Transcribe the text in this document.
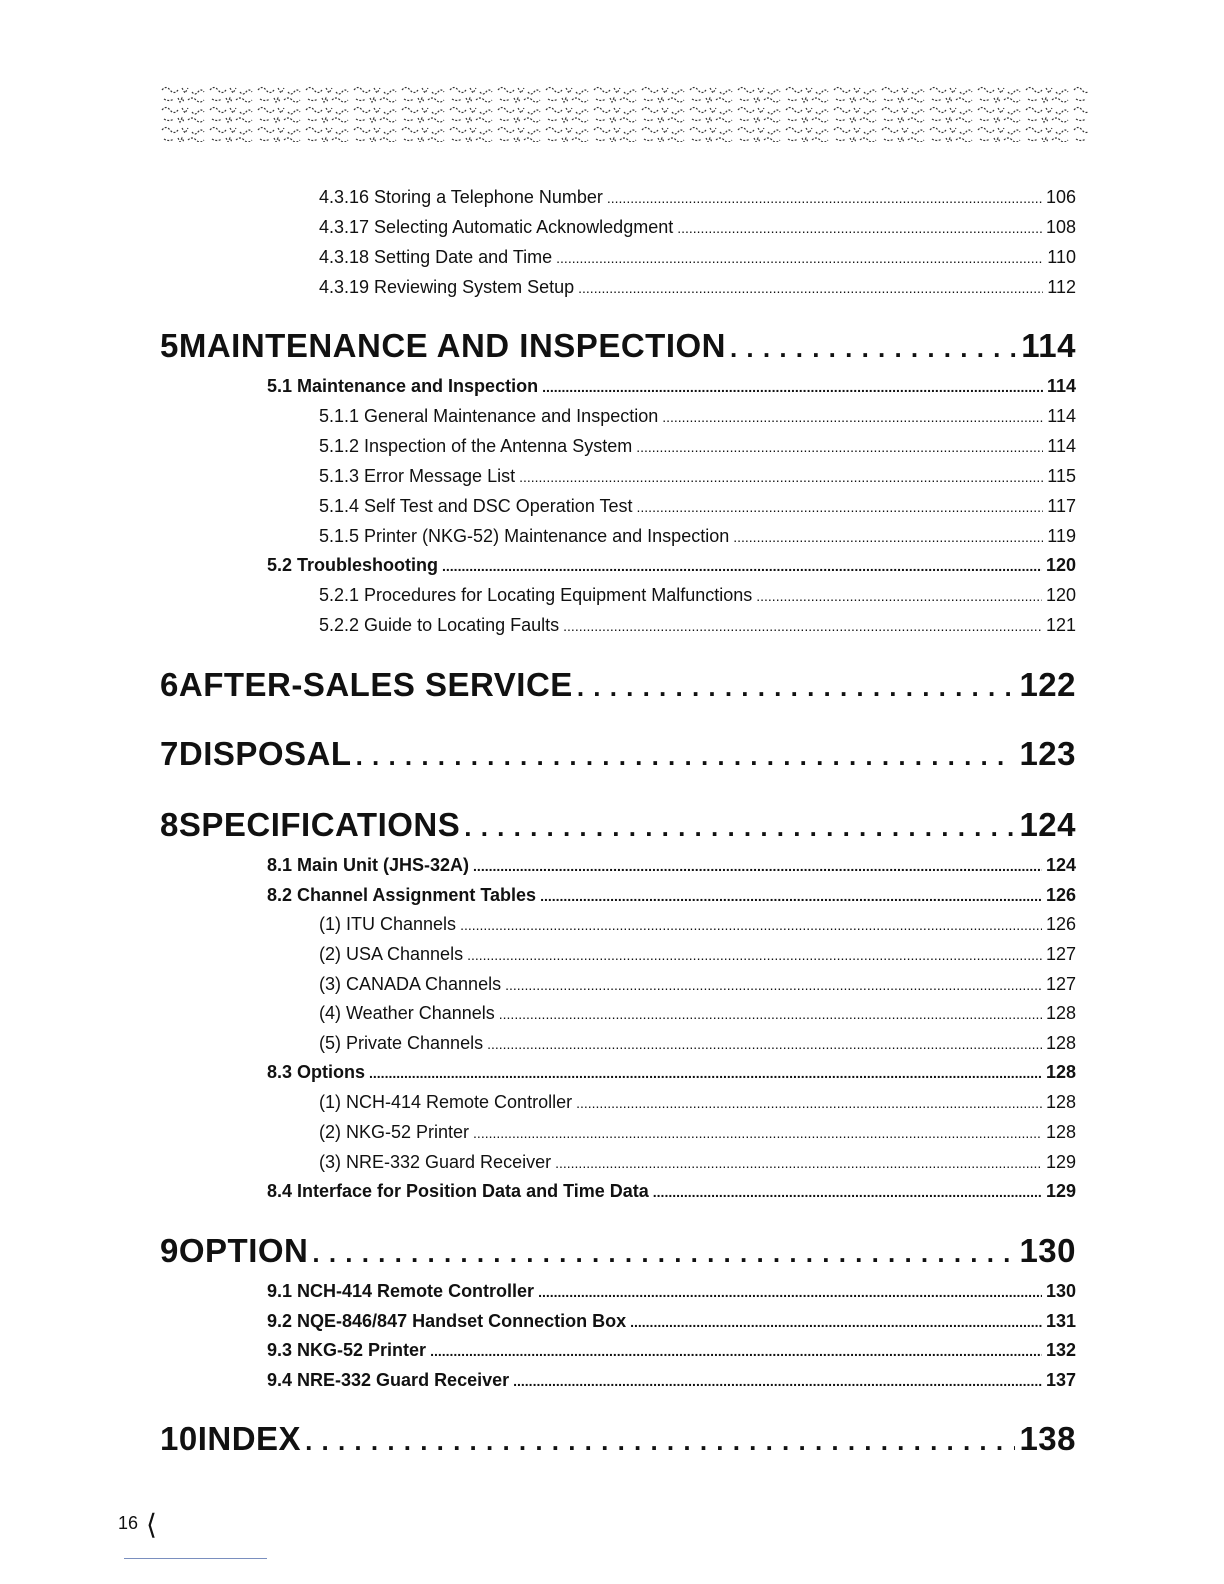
4.3.16 Storing a Telephone Number .....	106
4.3.17 Selecting Automatic Acknowledgment .....	108
4.3.18 Setting Date and Time .....	110
4.3.19 Reviewing System Setup .....	112
5 MAINTENANCE AND INSPECTION . . .	114
5.1 Maintenance and Inspection .....	114
5.1.1 General Maintenance and Inspection .....	114
5.1.2 Inspection of the Antenna System .....	114
5.1.3 Error Message List .....	115
5.1.4 Self Test and DSC Operation Test .....	117
5.1.5 Printer (NKG-52) Maintenance and Inspection .....	119
5.2 Troubleshooting .....	120
5.2.1 Procedures for Locating Equipment Malfunctions .....	120
5.2.2 Guide to Locating Faults .....	121
6 AFTER-SALES SERVICE . . .	122
7 DISPOSAL . . .	123
8 SPECIFICATIONS . . .	124
8.1 Main Unit (JHS-32A) .....	124
8.2 Channel Assignment Tables .....	126
(1) ITU Channels .....	126
(2) USA Channels .....	127
(3) CANADA Channels .....	127
(4) Weather Channels .....	128
(5) Private Channels .....	128
8.3 Options .....	128
(1) NCH-414 Remote Controller .....	128
(2) NKG-52 Printer .....	128
(3) NRE-332 Guard Receiver .....	129
8.4 Interface for Position Data and Time Data .....	129
9 OPTION . . .	130
9.1 NCH-414 Remote Controller .....	130
9.2 NQE-846/847 Handset Connection Box .....	131
9.3 NKG-52 Printer .....	132
9.4 NRE-332 Guard Receiver .....	137
10 INDEX . . .	138
16 ⟨
